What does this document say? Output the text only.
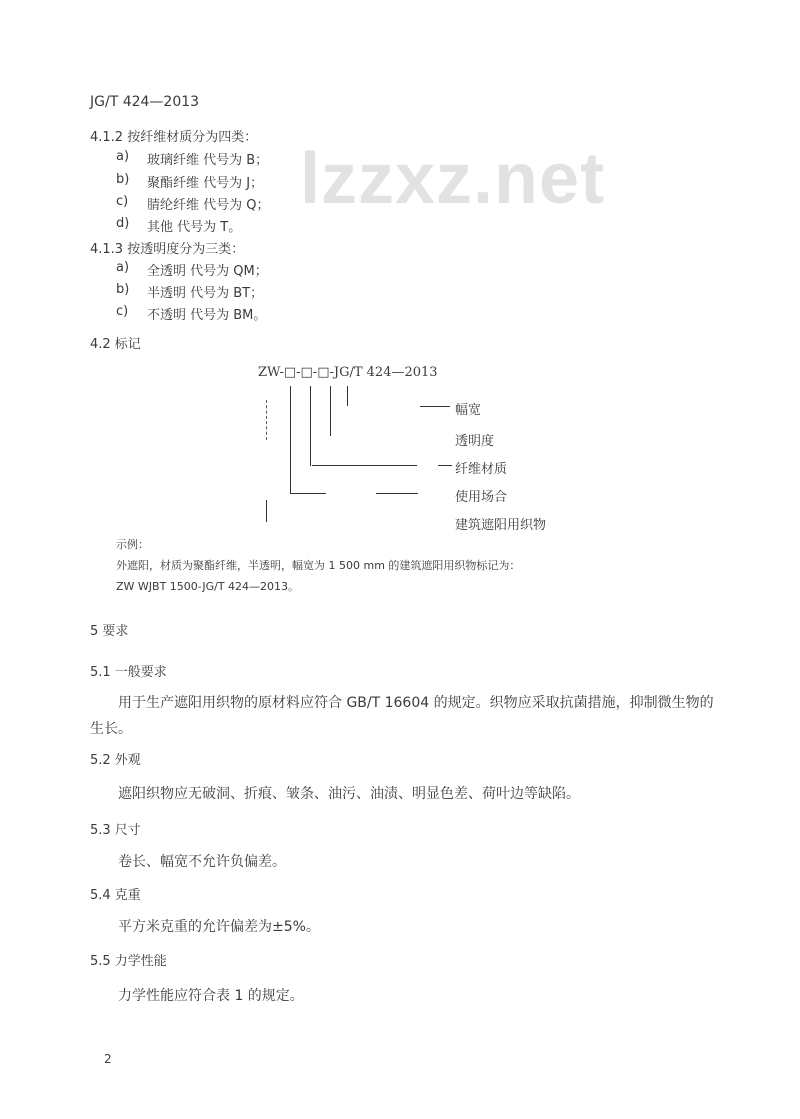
lzzxz.net
JG/T 424—2013
4.1.2 按纤维材质分为四类：
a) 玻璃纤维 代号为 B；
b) 聚酯纤维 代号为 J；
c) 腈纶纤维 代号为 Q；
d) 其他 代号为 T。
4.1.3 按透明度分为三类：
a) 全透明 代号为 QM；
b) 半透明 代号为 BT；
c) 不透明 代号为 BM。
4.2 标记
ZW-□-□-□-JG/T 424—2013
幅宽
透明度
纤维材质
使用场合
建筑遮阳用织物
示例：
外遮阳，材质为聚酯纤维，半透明，幅宽为 1 500 mm 的建筑遮阳用织物标记为：
ZW WJBT 1500-JG/T 424—2013。
5 要求
5.1 一般要求
用于生产遮阳用织物的原材料应符合 GB/T 16604 的规定。织物应采取抗菌措施，抑制微生物的
生长。
5.2 外观
遮阳织物应无破洞、折痕、皱条、油污、油渍、明显色差、荷叶边等缺陷。
5.3 尺寸
卷长、幅宽不允许负偏差。
5.4 克重
平方米克重的允许偏差为±5%。
5.5 力学性能
力学性能应符合表 1 的规定。
2
